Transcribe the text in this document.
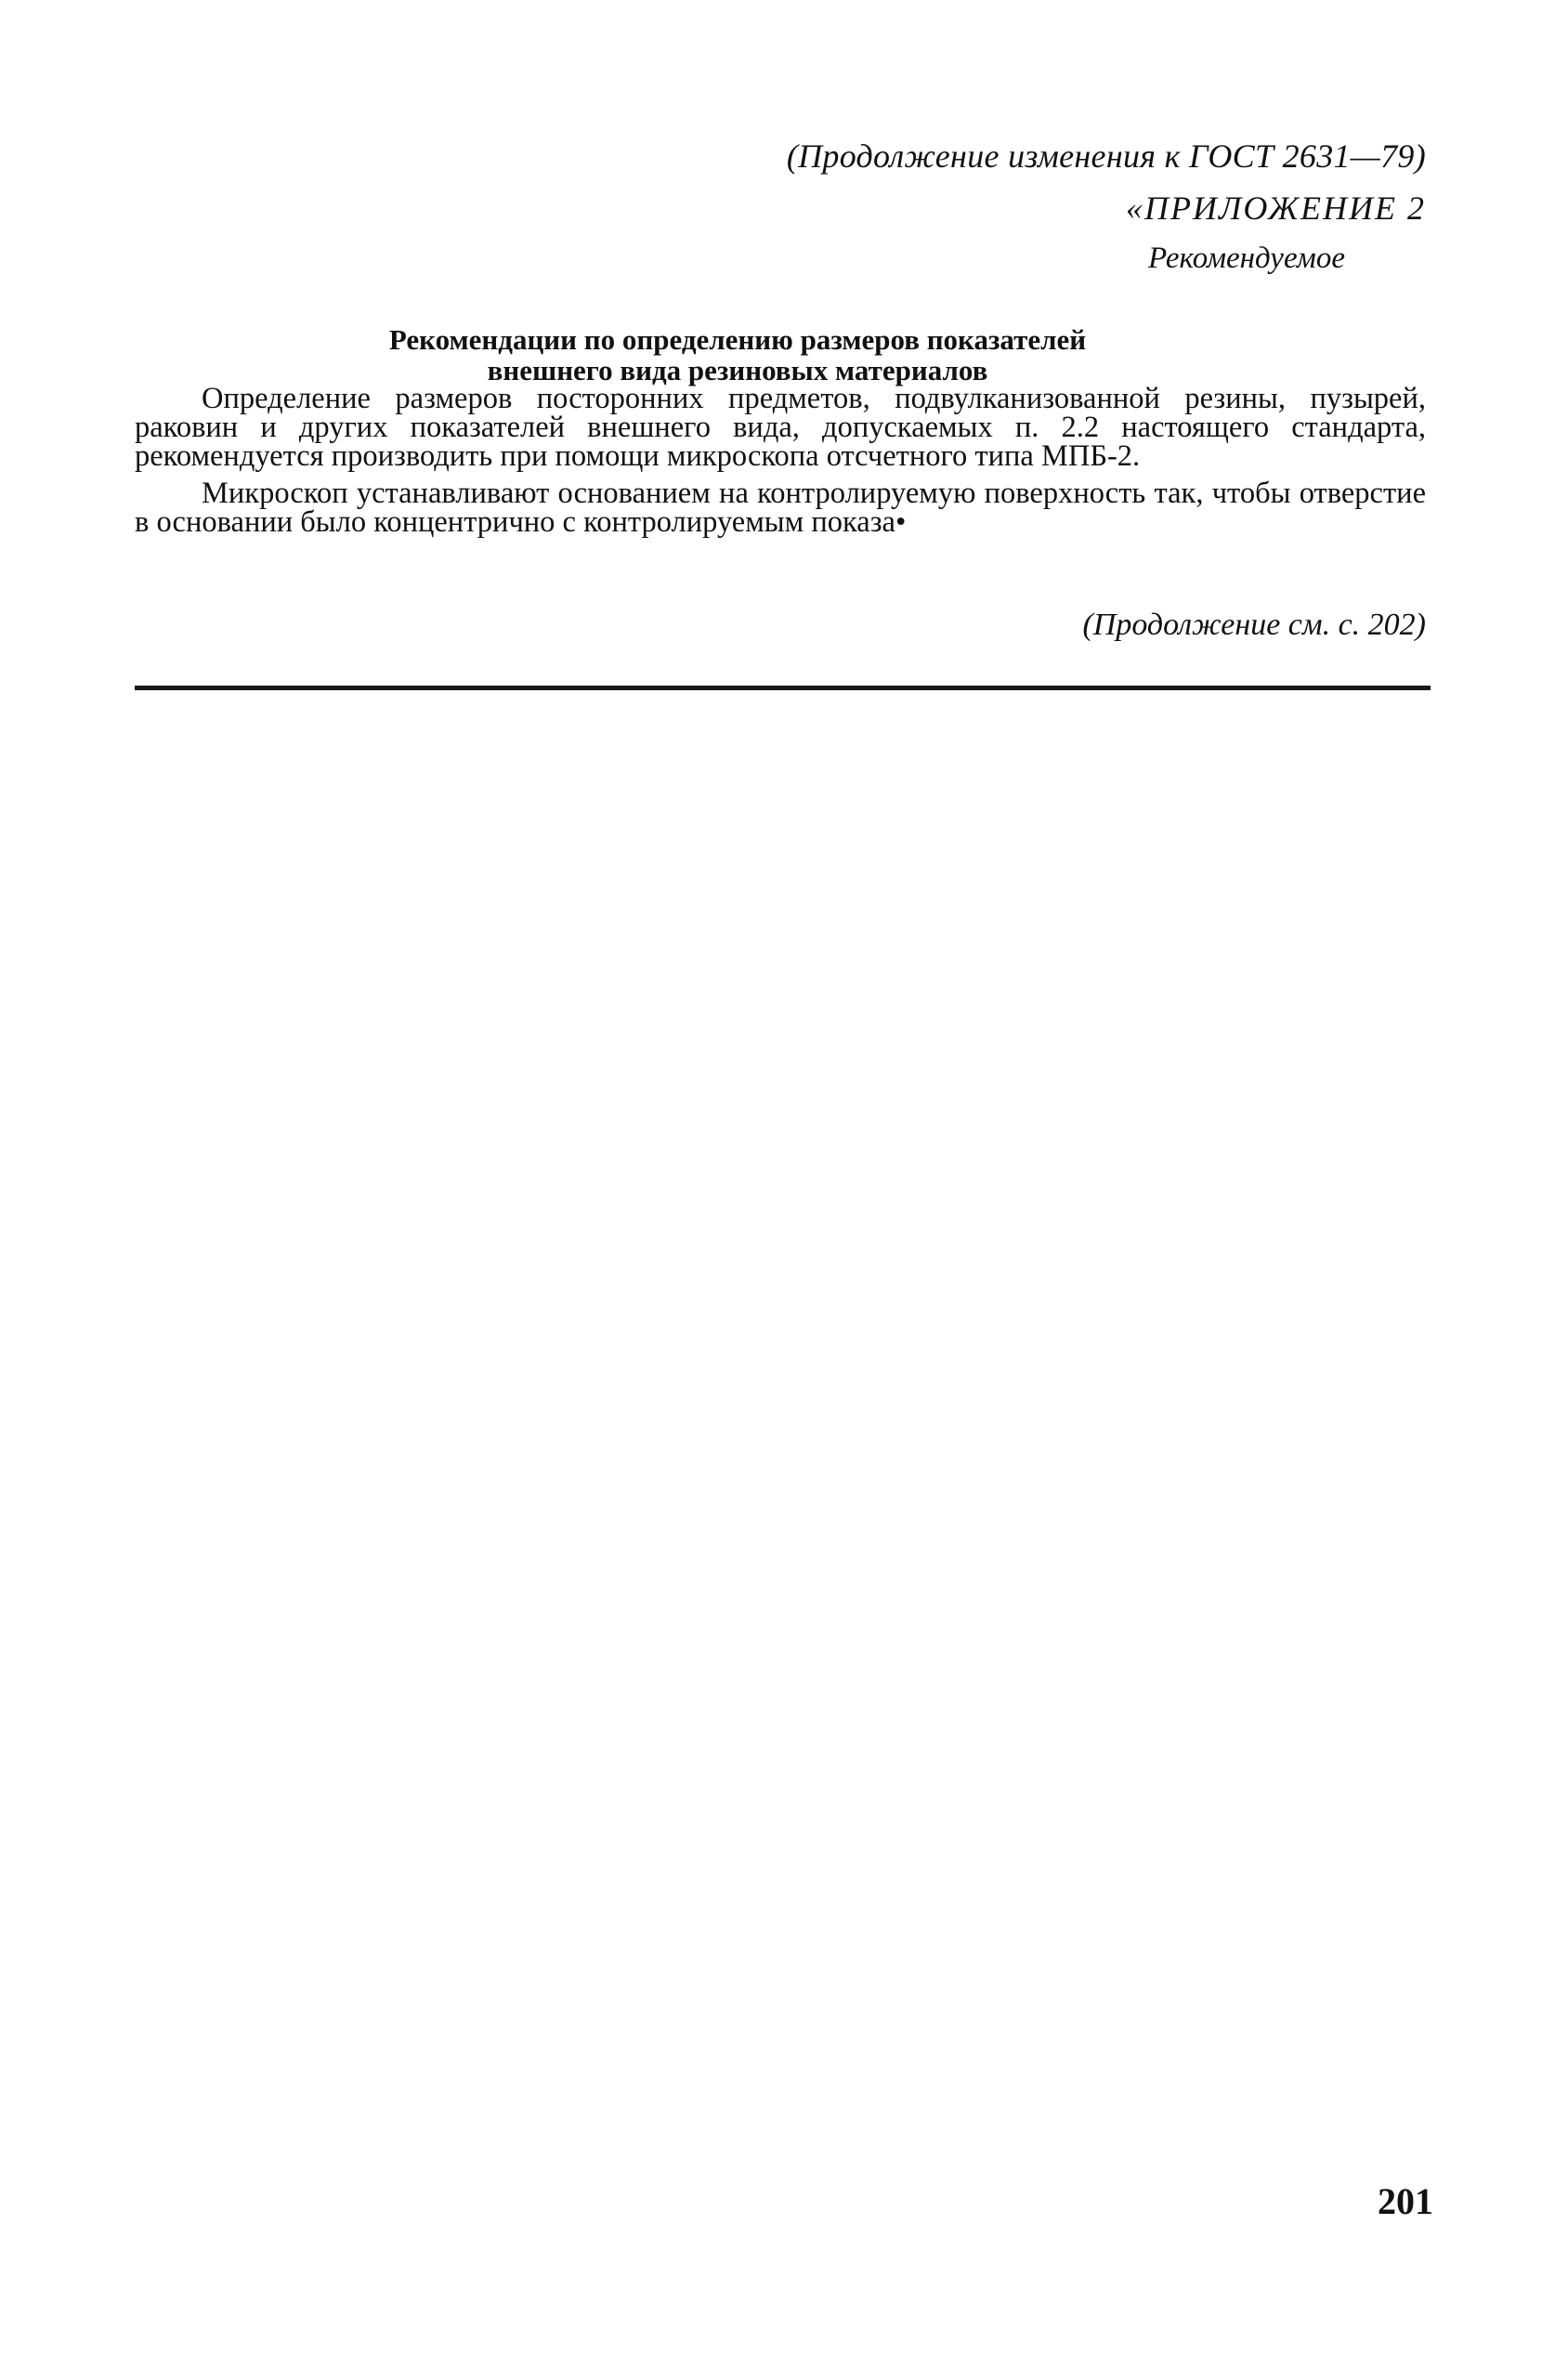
(Продолжение изменения к ГОСТ 2631—79)
«ПРИЛОЖЕНИЕ 2
Рекомендуемое
Рекомендации по определению размеров показателей
внешнего вида резиновых материалов

Определение размеров посторонних предметов, подвулканизованной резины, пузырей, раковин и других показателей внешнего вида, допускаемых п. 2.2 настоящего стандарта, рекомендуется производить при помощи микроскопа отсчетного типа МПБ-2.

Микроскоп устанавливают основанием на контролируемую поверхность так, чтобы отверстие в основании было концентрично с контролируемым показа•

(Продолжение см. с. 202)
201
